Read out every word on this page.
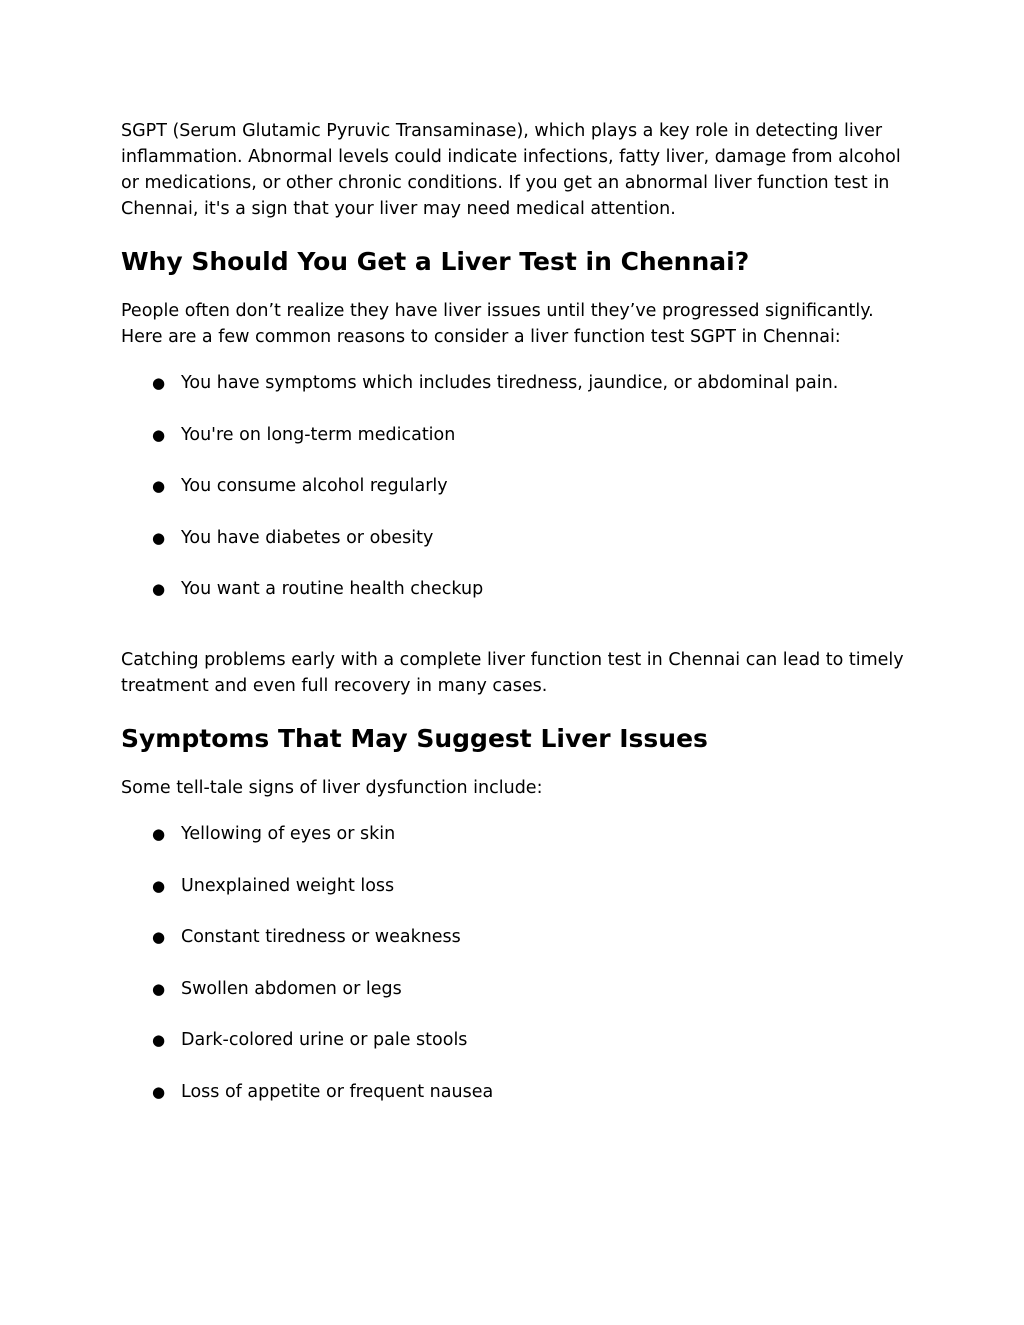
SGPT (Serum Glutamic Pyruvic Transaminase), which plays a key role in detecting liver inflammation. Abnormal levels could indicate infections, fatty liver, damage from alcohol or medications, or other chronic conditions. If you get an abnormal liver function test in Chennai, it's a sign that your liver may need medical attention.

Why Should You Get a Liver Test in Chennai?

People often don’t realize they have liver issues until they’ve progressed significantly. Here are a few common reasons to consider a liver function test SGPT in Chennai:

● You have symptoms which includes tiredness, jaundice, or abdominal pain.
● You're on long-term medication
● You consume alcohol regularly
● You have diabetes or obesity
● You want a routine health checkup

Catching problems early with a complete liver function test in Chennai can lead to timely treatment and even full recovery in many cases.

Symptoms That May Suggest Liver Issues

Some tell-tale signs of liver dysfunction include:

● Yellowing of eyes or skin
● Unexplained weight loss
● Constant tiredness or weakness
● Swollen abdomen or legs
● Dark-colored urine or pale stools
● Loss of appetite or frequent nausea
